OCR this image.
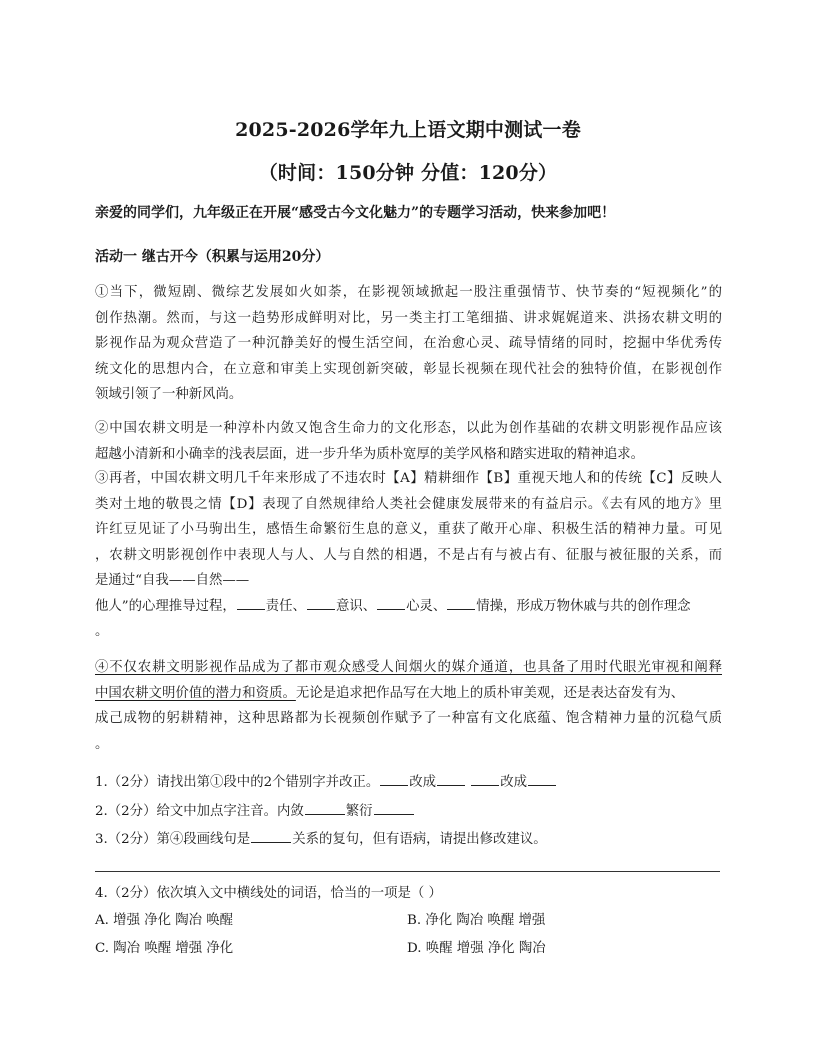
2025-2026学年九上语文期中测试一卷
（时间：150分钟 分值：120分）
亲爱的同学们，九年级正在开展“感受古今文化魅力”的专题学习活动，快来参加吧！
活动一 继古开今（积累与运用20分）
①当下，微短剧、微综艺发展如火如荼，在影视领域掀起一股注重强情节、快节奏的“短视频化”的
创作热潮。然而，与这一趋势形成鲜明对比，另一类主打工笔细描、讲求娓娓道来、洪扬农耕文明的
影视作品为观众营造了一种沉静美好的慢生活空间，在治愈心灵、疏导情绪的同时，挖掘中华优秀传
统文化的思想内合，在立意和审美上实现创新突破，彰显长视频在现代社会的独特价值，在影视创作
领域引领了一种新风尚。
②中国农耕文明是一种淳朴内敛又饱含生命力的文化形态，以此为创作基础的农耕文明影视作品应该
超越小清新和小确幸的浅表层面，进一步升华为质朴宽厚的美学风格和踏实进取的精神追求。
③再者，中国农耕文明几千年来形成了不违农时【A】精耕细作【B】重视天地人和的传统【C】反映人
类对土地的敬畏之情【D】表现了自然规律给人类社会健康发展带来的有益启示。《去有风的地方》里
许红豆见证了小马驹出生，感悟生命繁衍生息的意义，重获了敞开心扉、积极生活的精神力量。可见
，农耕文明影视创作中表现人与人、人与自然的相遇，不是占有与被占有、征服与被征服的关系，而
是通过“自我——自然——
他人”的心理推导过程， 责任、 意识、 心灵、 情操，形成万物休戚与共的创作理念
。
④不仅农耕文明影视作品成为了都市观众感受人间烟火的媒介通道，也具备了用时代眼光审视和阐释
中国农耕文明价值的潜力和资质。无论是追求把作品写在大地上的质朴审美观，还是表达奋发有为、
成己成物的躬耕精神，这种思路都为长视频创作赋予了一种富有文化底蕴、饱含精神力量的沉稳气质
。
1.（2分）请找出第①段中的2个错别字并改正。 改成	改成
2.（2分）给文中加点字注音。内敛	繁衍
3.（2分）第④段画线句是	关系的复句，但有语病，请提出修改建议。
4.（2分）依次填入文中横线处的词语，恰当的一项是（ ）
A. 增强 净化 陶冶 唤醒	B. 净化 陶冶 唤醒 增强
C. 陶冶 唤醒 增强 净化	D. 唤醒 增强 净化 陶冶
